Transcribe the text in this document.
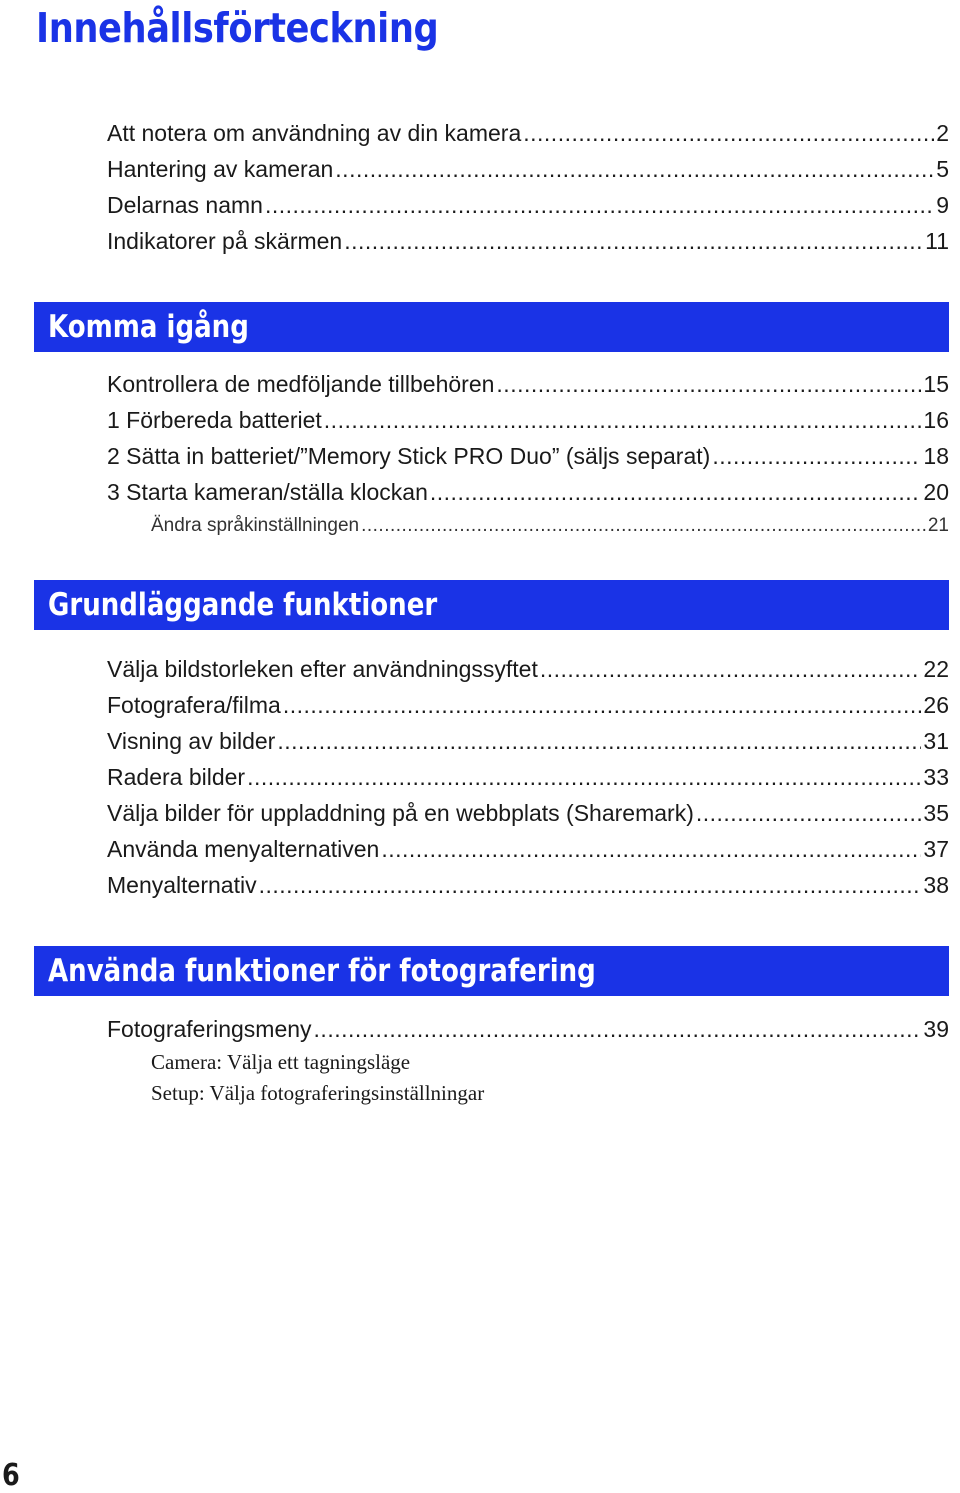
Innehållsförteckning
Att notera om användning av din kamera .....	2
Hantering av kameran .....	5
Delarnas namn .....	9
Indikatorer på skärmen .....	11
Komma igång
Kontrollera de medföljande tillbehören .....	15
1 Förbereda batteriet .....	16
2 Sätta in batteriet/”Memory Stick PRO Duo” (säljs separat) .....	18
3 Starta kameran/ställa klockan .....	20
Ändra språkinställningen .....	21
Grundläggande funktioner
Välja bildstorleken efter användningssyftet .....	22
Fotografera/filma .....	26
Visning av bilder .....	31
Radera bilder .....	33
Välja bilder för uppladdning på en webbplats (Sharemark) .....	35
Använda menyalternativen .....	37
Menyalternativ .....	38
Använda funktioner för fotografering
Fotograferingsmeny .....	39
Camera: Välja ett tagningsläge
Setup: Välja fotograferingsinställningar
6
